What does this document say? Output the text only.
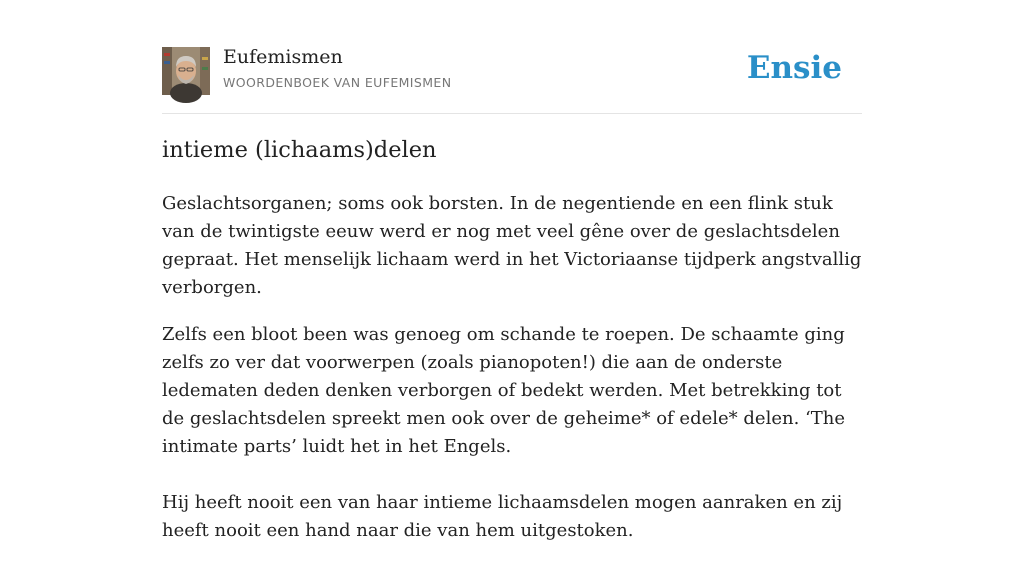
Eufemismen
WOORDENBOEK VAN EUFEMISMEN	Ensie
intieme (lichaams)delen

Geslachtsorganen; soms ook borsten. In de negentiende en een flink stuk van de twintigste eeuw werd er nog met veel gêne over de geslachtsdelen gepraat. Het menselijk lichaam werd in het Victoriaanse tijdperk angstvallig verborgen.

Zelfs een bloot been was genoeg om schande te roepen. De schaamte ging zelfs zo ver dat voorwerpen (zoals pianopoten!) die aan de onderste ledematen deden denken verborgen of bedekt werden. Met betrekking tot de geslachtsdelen spreekt men ook over de geheime* of edele* delen. ‘The intimate parts’ luidt het in het Engels.

Hij heeft nooit een van haar intieme lichaamsdelen mogen aanraken en zij heeft nooit een hand naar die van hem uitgestoken.
